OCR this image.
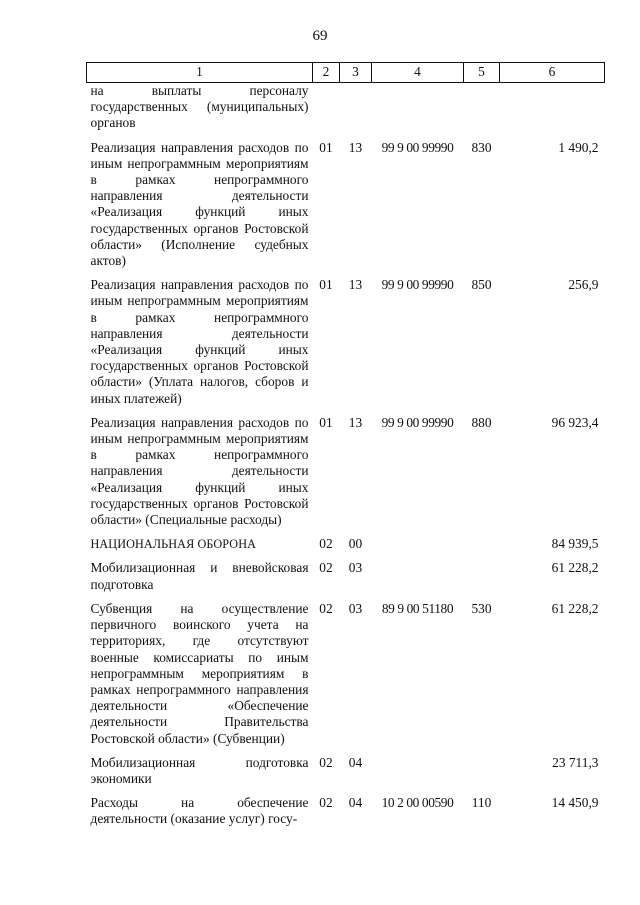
69
1	2	3	4	5	6
на выплаты персоналу государственных (муниципальных) органов					
Реализация направления расходов по иным непрограммным мероприятиям в рамках непрограммного направления деятельности «Реализация функций иных государственных органов Ростовской области» (Исполнение судебных актов)	01	13	99 9 00 99990	830	1 490,2
Реализация направления расходов по иным непрограммным мероприятиям в рамках непрограммного направления деятельности «Реализация функций иных государственных органов Ростовской области» (Уплата налогов, сборов и иных платежей)	01	13	99 9 00 99990	850	256,9
Реализация направления расходов по иным непрограммным мероприятиям в рамках непрограммного направления деятельности «Реализация функций иных государственных органов Ростовской области» (Специальные расходы)	01	13	99 9 00 99990	880	96 923,4
НАЦИОНАЛЬНАЯ ОБОРОНА	02	00			84 939,5
Мобилизационная и вневойсковая подготовка	02	03			61 228,2
Субвенция на осуществление первичного воинского учета на территориях, где отсутствуют военные комиссариаты по иным непрограммным мероприятиям в рамках непрограммного направления деятельности «Обеспечение деятельности Правительства Ростовской области» (Субвенции)	02	03	89 9 00 51180	530	61 228,2
Мобилизационная подготовка экономики	02	04			23 711,3
Расходы на обеспечение деятельности (оказание услуг) госу-	02	04	10 2 00 00590	110	14 450,9
